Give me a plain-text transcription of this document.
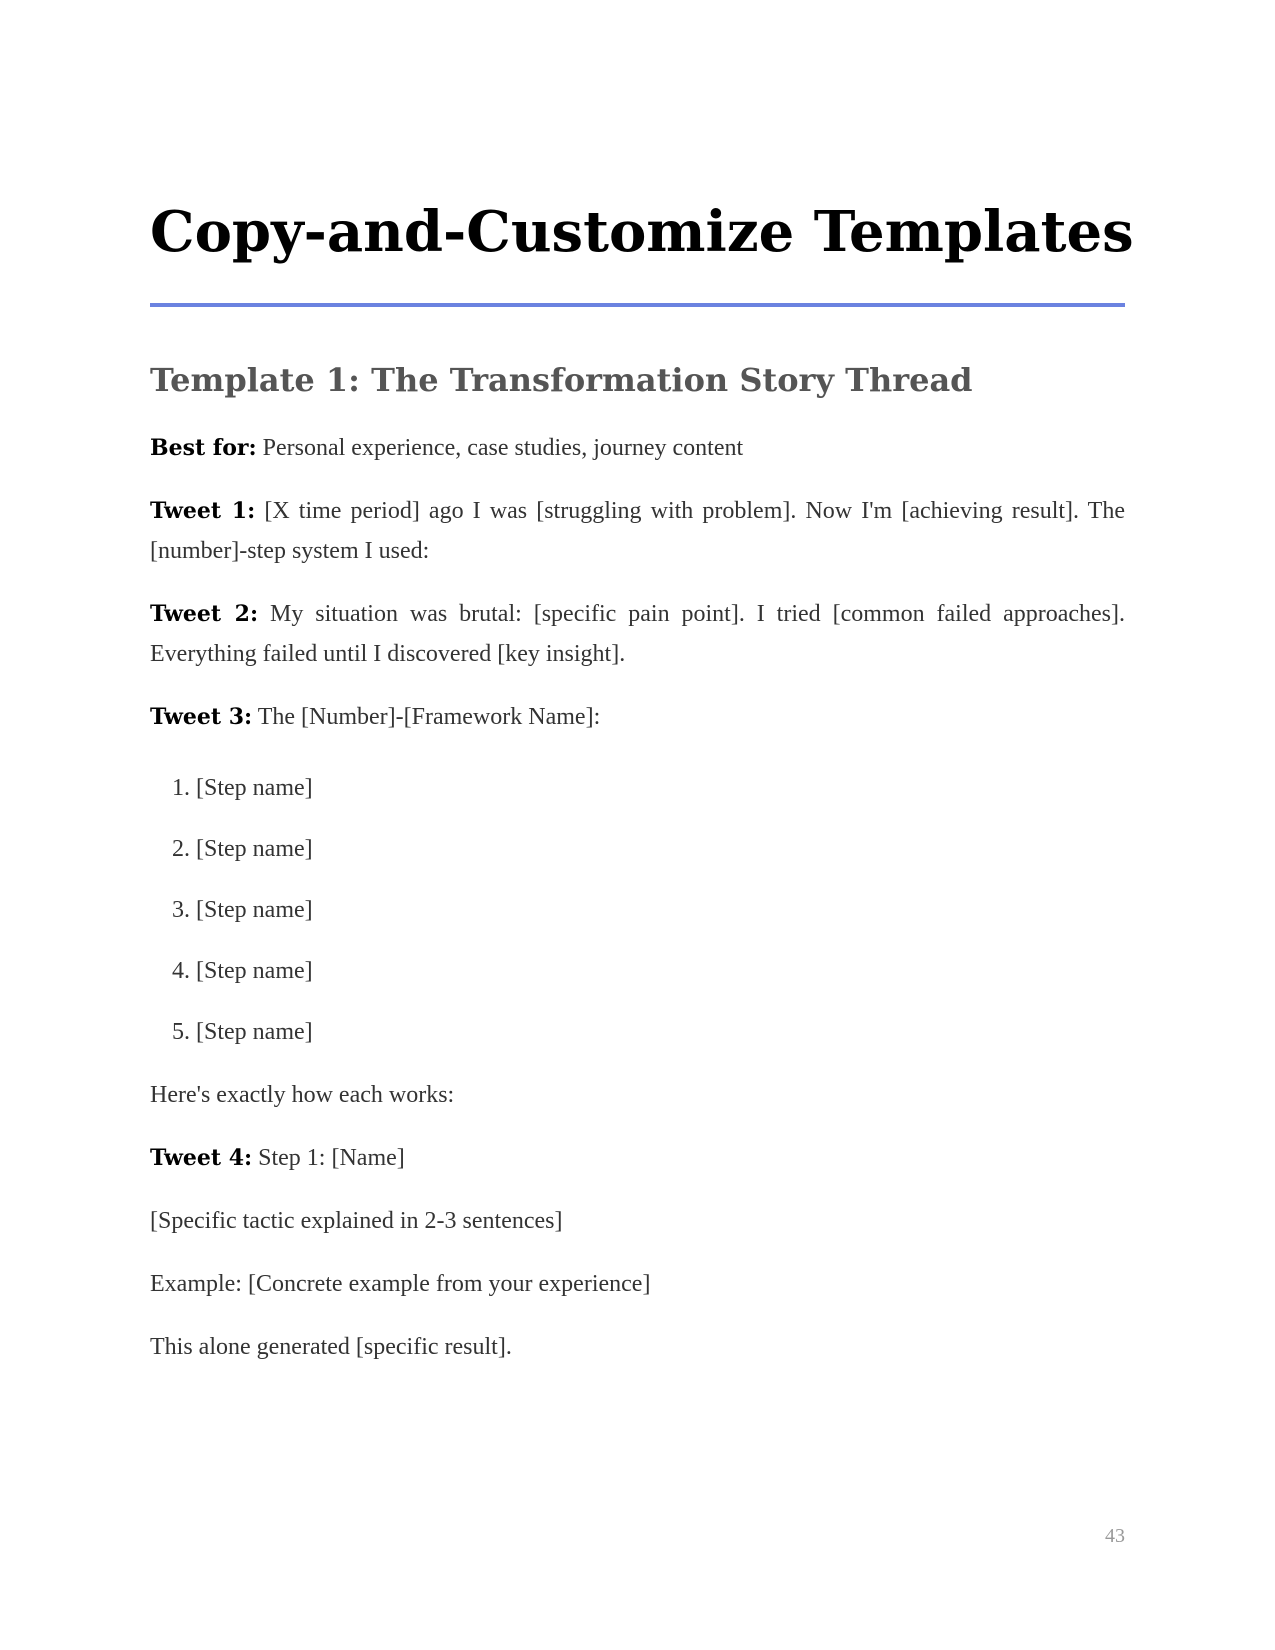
Copy-and-Customize Templates
Template 1: The Transformation Story Thread

Best for: Personal experience, case studies, journey content

Tweet 1: [X time period] ago I was [struggling with problem]. Now I'm [achieving result]. The [number]-step system I used:

Tweet 2: My situation was brutal: [specific pain point]. I tried [common failed approaches]. Everything failed until I discovered [key insight].

Tweet 3: The [Number]-[Framework Name]:

1. [Step name]
2. [Step name]
3. [Step name]
4. [Step name]
5. [Step name]

Here's exactly how each works:

Tweet 4: Step 1: [Name]

[Specific tactic explained in 2-3 sentences]

Example: [Concrete example from your experience]

This alone generated [specific result].

43
